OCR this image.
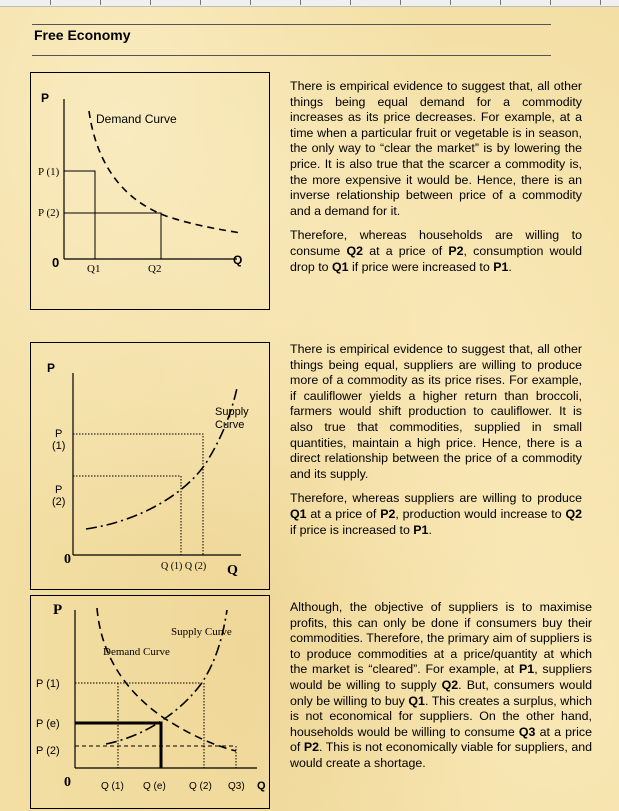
Free Economy
P
Demand Curve
P (1)
P (2)
0	Q1	Q2
Q
There is empirical evidence to suggest that, all other things being equal demand for a commodity increases as its price decreases. For example, at a time when a particular fruit or vegetable is in season, the only way to “clear the market” is by lowering the price. It is also true that the scarcer a commodity is, the more expensive it would be. Hence, there is an inverse relationship between price of a commodity and a demand for it.
Therefore, whereas households are willing to consume Q2 at a price of P2, consumption would drop to Q1 if price were increased to P1.
P
Supply
Curve
P
(1)
P
(2)
0	Q (1) Q (2) Q
There is empirical evidence to suggest that, all other things being equal, suppliers are willing to produce more of a commodity as its price rises. For example, if cauliflower yields a higher return than broccoli, farmers would shift production to cauliflower. It is also true that commodities, supplied in small quantities, maintain a high price. Hence, there is a direct relationship between the price of a commodity and its supply.
Therefore, whereas suppliers are willing to produce Q1 at a price of P2, production would increase to Q2 if price is increased to P1.
P
Supply Curve
Demand Curve
P (1)
P (e)
P (2)
0	Q (1) Q (e) Q (2) Q3) Q
Although, the objective of suppliers is to maximise profits, this can only be done if consumers buy their commodities. Therefore, the primary aim of suppliers is to produce commodities at a price/quantity at which the market is “cleared”. For example, at P1, suppliers would be willing to supply Q2. But, consumers would only be willing to buy Q1. This creates a surplus, which is not economical for suppliers. On the other hand, households would be willing to consume Q3 at a price of P2. This is not economically viable for suppliers, and would create a shortage.
